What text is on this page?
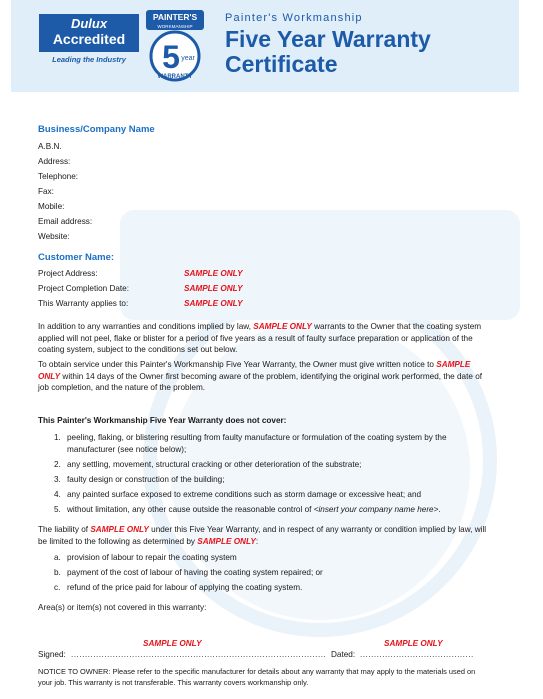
Dulux
Accredited
Leading the Industry
PAINTER'S
WORKMANSHIP
5 year
WARRANTY
Painter's Workmanship
Five Year Warranty Certificate
Business/Company Name
A.B.N.
Address:
Telephone:
Fax:
Mobile:
Email address:
Website:
Customer Name:
Project Address:	SAMPLE ONLY
Project Completion Date:	SAMPLE ONLY
This Warranty applies to:	SAMPLE ONLY
In addition to any warranties and conditions implied by law, SAMPLE ONLY warrants to the Owner that the coating system applied will not peel, flake or blister for a period of five years as a result of faulty surface preparation or application of the coating system, subject to the conditions set out below.
To obtain service under this Painter's Workmanship Five Year Warranty, the Owner must give written notice to SAMPLE ONLY within 14 days of the Owner first becoming aware of the problem, identifying the original work performed, the date of job completion, and the nature of the problem.
This Painter's Workmanship Five Year Warranty does not cover:
1. peeling, flaking, or blistering resulting from faulty manufacture or formulation of the coating system by the manufacturer (see notice below);
2. any settling, movement, structural cracking or other deterioration of the substrate;
3. faulty design or construction of the building;
4. any painted surface exposed to extreme conditions such as storm damage or excessive heat; and
5. without limitation, any other cause outside the reasonable control of <insert your company name here>.
The liability of SAMPLE ONLY under this Five Year Warranty, and in respect of any warranty or condition implied by law, will be limited to the following as determined by SAMPLE ONLY:
a. provision of labour to repair the coating system
b. payment of the cost of labour of having the coating system repaired; or
c. refund of the price paid for labour of applying the coating system.
Area(s) or item(s) not covered in this warranty:
SAMPLE ONLY	SAMPLE ONLY
Signed: ............................................................................................ Dated: .........................................
NOTICE TO OWNER: Please refer to the specific manufacturer for details about any warranty that may apply to the materials used on your job. This warranty is not transferable. This warranty covers workmanship only.
